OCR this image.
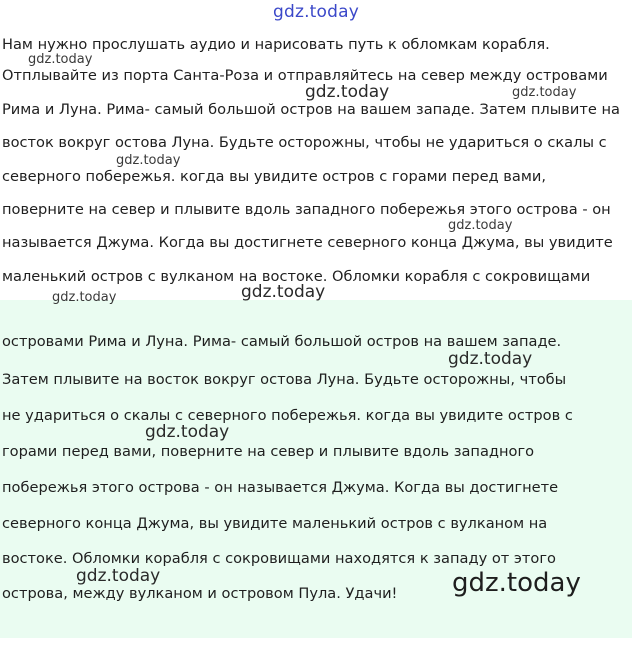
gdz.today
Нам нужно прослушать аудио и нарисовать путь к обломкам корабля.
Отплывайте из порта Санта-Роза и отправляйтесь на север между островами
Рима и Луна. Рима- самый большой остров на вашем западе. Затем плывите на
восток вокруг остова Луна. Будьте осторожны, чтобы не удариться о скалы с
северного побережья. когда вы увидите остров с горами перед вами,
поверните на север и плывите вдоль западного побережья этого острова - он
называется Джума. Когда вы достигнете северного конца Джума, вы увидите
маленький остров с вулканом на востоке. Обломки корабля с сокровищами
островами Рима и Луна. Рима- самый большой остров на вашем западе.
Затем плывите на восток вокруг остова Луна. Будьте осторожны, чтобы
не удариться о скалы с северного побережья. когда вы увидите остров с
горами перед вами, поверните на север и плывите вдоль западного
побережья этого острова - он называется Джума. Когда вы достигнете
северного конца Джума, вы увидите маленький остров с вулканом на
востоке. Обломки корабля с сокровищами находятся к западу от этого
острова, между вулканом и островом Пула. Удачи!
gdz.today
gdz.today	gdz.today
gdz.today
gdz.today
gdz.today
gdz.today
gdz.today
gdz.today
gdz.today	gdz.today
